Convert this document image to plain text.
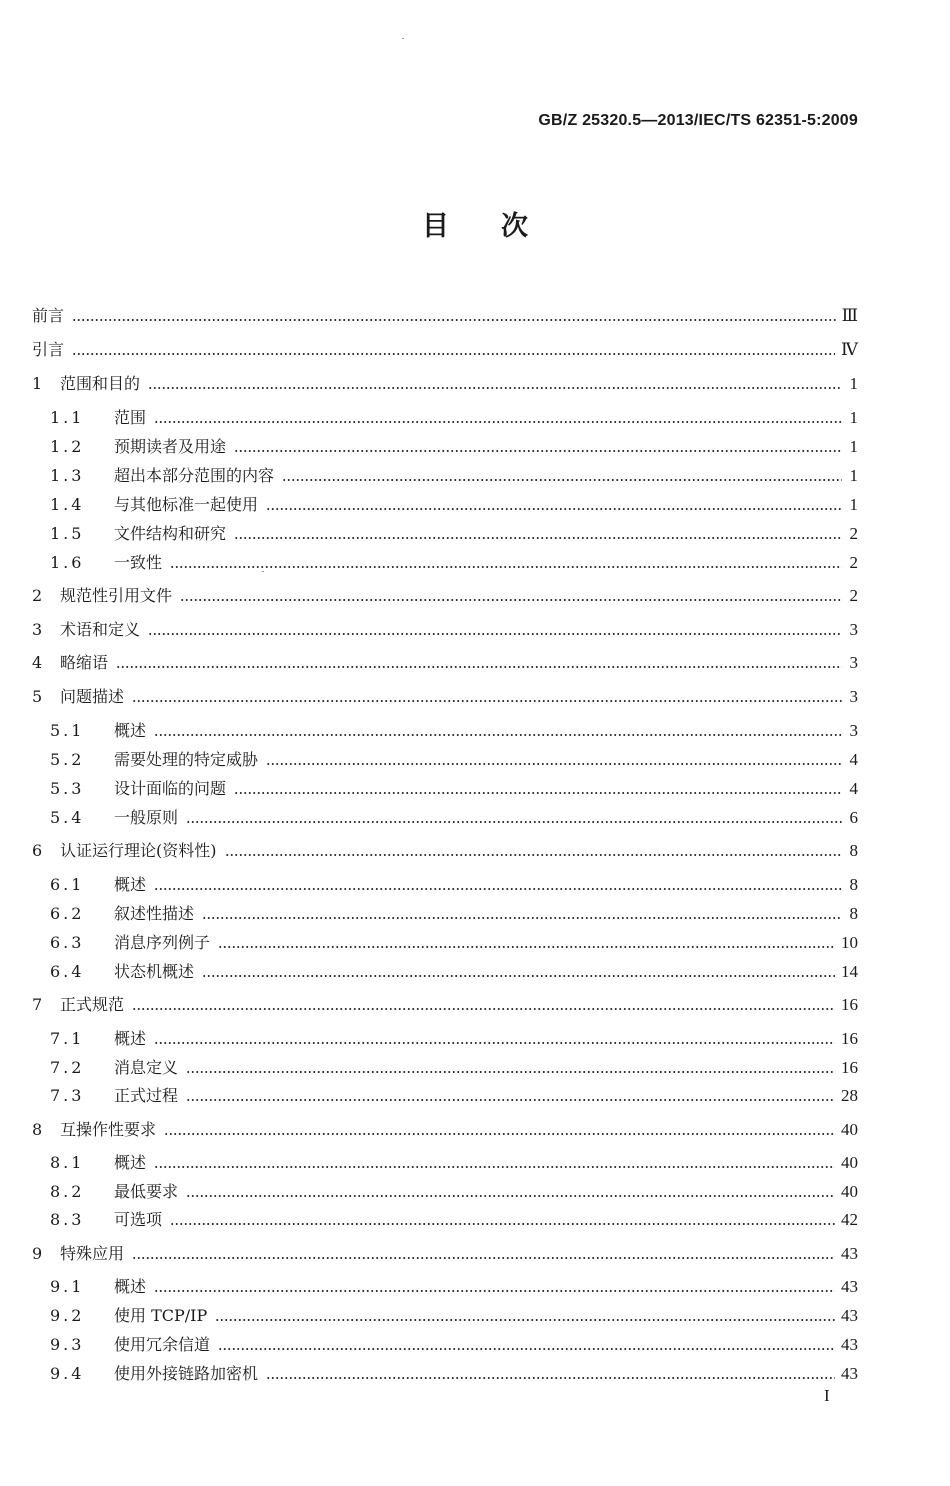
GB/Z 25320.5—2013/IEC/TS 62351-5:2009
目次
前言	Ⅲ
引言	Ⅳ
1	范围和目的	1
1.1	范围	1
1.2	预期读者及用途	1
1.3	超出本部分范围的内容	1
1.4	与其他标准一起使用	1
1.5	文件结构和研究	2
1.6	一致性	2
2	规范性引用文件	2
3	术语和定义	3
4	略缩语	3
5	问题描述	3
5.1	概述	3
5.2	需要处理的特定威胁	4
5.3	设计面临的问题	4
5.4	一般原则	6
6	认证运行理论(资料性)	8
6.1	概述	8
6.2	叙述性描述	8
6.3	消息序列例子	10
6.4	状态机概述	14
7	正式规范	16
7.1	概述	16
7.2	消息定义	16
7.3	正式过程	28
8	互操作性要求	40
8.1	概述	40
8.2	最低要求	40
8.3	可选项	42
9	特殊应用	43
9.1	概述	43
9.2	使用 TCP/IP	43
9.3	使用冗余信道	43
9.4	使用外接链路加密机	43
I
